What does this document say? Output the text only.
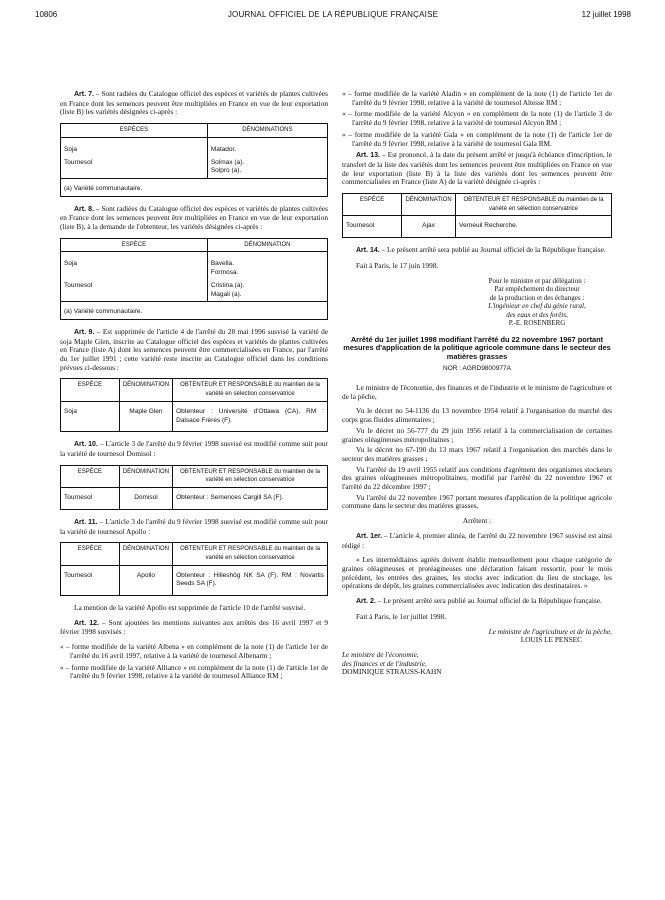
10806	JOURNAL OFFICIEL DE LA RÉPUBLIQUE FRANÇAISE	12 juillet 1998

Art. 7. – Sont radiées du Catalogue officiel des espèces et variétés de plantes cultivées en France dont les semences peuvent être multipliées en France en vue de leur exportation (liste B) les variétés désignées ci-après :

ESPÈCES	DÉNOMINATIONS
Soja	Matador.
Tournesol	Solmax (a).
Solpro (a).

(a) Variété communautaire.	

Art. 8. – Sont radiées du Catalogue officiel des espèces et variétés de plantes cultivées en France dont les semences peuvent être multipliées en France en vue de leur exportation (liste B), à la demande de l'obtenteur, les variétés désignées ci-après :

ESPÈCE	DÉNOMINATION
Soja	Bavella.
Formosa.

Tournesol	Cristina (a).
Magali (a).

(a) Variété communautaire.	

Art. 9. – Est supprimée de l'article 4 de l'arrêté du 28 mai 1996 susvisé la variété de soja Maple Glen, inscrite au Catalogue officiel des espèces et variétés de plantes cultivées en France (liste A) dont les semences peuvent être commercialisées en France, par l'arrêté du 1er juillet 1991 ; cette variété reste inscrite au Catalogue officiel dans les conditions prévues ci-dessous :

ESPÈCE	DÉNOMINATION	OBTENTEUR ET RESPONSABLE du maintien de la variété en sélection conservatrice
Soja	Maple Glen	Obtenteur : Université d'Ottawa (CA). RM : Dalsace Frères (F).

Art. 10. – L'article 3 de l'arrêté du 9 février 1998 susvisé est modifié comme suit pour la variété de tournesol Domisol :

ESPÈCE	DÉNOMINATION	OBTENTEUR ET RESPONSABLE du maintien de la variété en sélection conservatrice
Tournesol	Domisol	Obtenteur : Semences Cargill SA (F).

Art. 11. – L'article 3 de l'arrêté du 9 février 1998 susvisé est modifié comme suit pour la variété de tournesol Apollo :

ESPÈCE	DÉNOMINATION	OBTENTEUR ET RESPONSABLE du maintien de la variété en sélection conservatrice
Tournesol	Apollo	Obtenteur : Hilleshög NK SA (F). RM : Novartis Seeds SA (F).

La mention de la variété Apollo est supprimée de l'article 10 de l'arrêté susvisé.

Art. 12. – Sont ajoutées les mentions suivantes aux arrêtés des 16 avril 1997 et 9 février 1998 susvisés :

« – forme modifiée de la variété Albena » en complément de la note (1) de l'article 1er de l'arrêté du 16 avril 1997, relative à la variété de tournesol Albenarm ;

« – forme modifiée de la variété Alliance » en complément de la note (1) de l'article 1er de l'arrêté du 9 février 1998, relative à la variété de tournesol Alliance RM ;

« – forme modifiée de la variété Aladin » en complément de la note (1) de l'article 1er de l'arrêté du 9 février 1998, relative à la variété de tournesol Altesse RM ;

« – forme modifiée de la variété Alcyon » en complément de la note (1) de l'article 3 de l'arrêté du 9 février 1998, relative à la variété de tournesol Alcyon RM ;

« – forme modifiée de la variété Gala » en complément de la note (1) de l'article 1er de l'arrêté du 9 février 1998, relative à la variété de tournesol Gala RM.

Art. 13. – Est prononcé, à la date du présent arrêté et jusqu'à échéance d'inscription, le transfert de la liste des variétés dont les semences peuvent être multipliées en France en vue de leur exportation (liste B) à la liste des variétés dont les semences peuvent être commercialisées en France (liste A) de la variété désignée ci-après :

ESPÈCE	DÉNOMINATION	OBTENTEUR ET RESPONSABLE du maintien de la variété en sélection conservatrice
Tournesol	Ajax	Verneuil Recherche.

Art. 14. – Le présent arrêté sera publié au Journal officiel de la République française.

Fait à Paris, le 17 juin 1998.

Pour le ministre et par délégation :
Par empêchement du directeur
de la production et des échanges :
L'ingénieur en chef du génie rural,
des eaux et des forêts,
P.-E. ROSENBERG
Arrêté du 1er juillet 1998 modifiant l'arrêté du 22 novembre 1967 portant mesures d'application de la politique agricole commune dans le secteur des matières grasses
NOR : AGRD9800977A

Le ministre de l'économie, des finances et de l'industrie et le ministre de l'agriculture et de la pêche,

Vu le décret no 54-1136 du 13 novembre 1954 relatif à l'organisation du marché des corps gras fluides alimentaires ;

Vu le décret no 56-777 du 29 juin 1956 relatif à la commercialisation de certaines graines oléagineuses métropolitaines ;

Vu le décret no 67-190 du 13 mars 1967 relatif à l'organisation des marchés dans le secteur des matières grasses ;

Vu l'arrêté du 19 avril 1955 relatif aux conditions d'agrément des organismes stockeurs des graines oléagineuses métropolitaines, modifié par l'arrêté du 22 novembre 1967 et l'arrêté du 22 décembre 1997 ;

Vu l'arrêté du 22 novembre 1967 portant mesures d'application de la politique agricole commune dans le secteur des matières grasses,

Arrêtent :

Art. 1er. – L'article 4, premier alinéa, de l'arrêté du 22 novembre 1967 susvisé est ainsi rédigé :

« Les intermédiaires agréés doivent établir mensuellement pour chaque catégorie de graines oléagineuses et protéagineuses une déclaration faisant ressortir, pour le mois précédent, les entrées des graines, les stocks avec indication du lieu de stockage, les opérations de dépôt, les graines commercialisées avec indication des destinataires. »

Art. 2. – Le présent arrêté sera publié au Journal officiel de la République française.

Fait à Paris, le 1er juillet 1998.

Le ministre de l'agriculture et de la pêche,
LOUIS LE PENSEC
Le ministre de l'économie,
des finances et de l'industrie,
DOMINIQUE STRAUSS-KAHN
